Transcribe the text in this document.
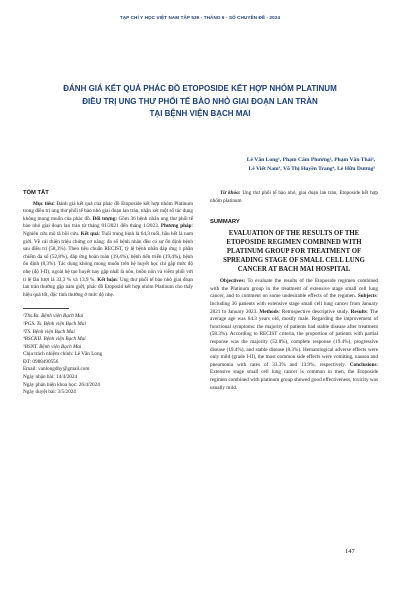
TẠP CHÍ Y HỌC VIỆT NAM TẬP 539 - THÁNG 6 - SỐ CHUYÊN ĐỀ - 2024
ĐÁNH GIÁ KẾT QUẢ PHÁC ĐỒ ETOPOSIDE KẾT HỢP NHÓM PLATINUM
ĐIỀU TRỊ UNG THƯ PHỔI TẾ BÀO NHỎ GIAI ĐOẠN LAN TRÀN
TẠI BỆNH VIỆN BẠCH MAI
Lê Văn Long¹, Phạm Cẩm Phương², Phạm Văn Thái³,
Lê Viết Nam⁴, Võ Thị Huyền Trang⁴, Lê Hữu Dương⁵
TÓM TẮT

Mục tiêu: Đánh giá kết quả của phác đồ Etoposide kết hợp nhóm Platinum trong điều trị ung thư phổi tế bào nhỏ giai đoạn lan tràn, nhận xét một số tác dụng không mong muốn của phác đồ. Đối tượng: Gồm 36 bệnh nhân ung thư phổi tế bào nhỏ giai đoạn lan tràn từ tháng 01/2021 đến tháng 1/2023. Phương pháp: Nghiên cứu mô tả hồi cứu. Kết quả: Tuổi trung bình là 64,3 tuổi, hầu hết là nam giới. Về cải thiện triệu chứng cơ năng: đa số bệnh nhân đều có sự ổn định bệnh sau điều trị (58,3%). Theo tiêu chuẩn RECIST, tỷ lệ bệnh nhân đáp ứng 1 phần chiếm đa số (52,8%), đáp ứng hoàn toàn (19,4%), bệnh tiến triển (19,4%), bệnh ổn định (8,3%). Tác dụng không mong muốn trên hệ huyết học chỉ gặp mức độ nhẹ (độ I-II), ngoài hệ tạo huyết hay gặp nhất là nôn, buồn nôn và viêm phổi với tỉ lệ lần lượt là 33,3 % và 13,9 %. Kết luận: Ung thư phổi tế bào nhỏ giai đoạn lan tràn thường gặp nam giới, phác đồ Etoposid kết hợp nhóm Platinum cho thấy hiệu quả tốt, độc tính thường ở mức độ nhẹ.

¹Ths.Bs. Bệnh viện Bạch Mai

²PGS. Ts. Bệnh viện Bạch Mai

³TS. Bệnh viện Bạch Mai

⁴BSCKII. Bệnh viện Bạch Mai

⁵BSNT. Bệnh viện Bạch Mai

Chịu trách nhiệm chính: Lê Văn Long

ĐT: 0988490556

Email: vanlongdhy@gmail.com

Ngày nhận bài: 14/4/2024

Ngày phản biện khoa học: 26/4/2024

Ngày duyệt bài: 3/5/2024

Từ khóa: Ung thư phổi tế bào nhỏ, giai đoạn lan tràn, Etoposide kết hợp nhóm platinum

SUMMARY
EVALUATION OF THE RESULTS OF THE ETOPOSIDE REGIMEN COMBINED WITH PLATINUM GROUP FOR TREATMENT OF SPREADING STAGE OF SMALL CELL LUNG CANCER AT BACH MAI HOSPITAL

Objectives: To evaluate the results of the Etoposide regimen combined with the Platinum group in the treatment of extensive stage small cell lung cancer, and to comment on some undesirable effects of the regimen. Subjects: Including 36 patients with extensive stage small cell lung cancer from January 2021 to January 2023. Methods: Retrospective descriptive study. Results: The average age was 64.3 years old, mostly male. Regarding the improvement of functional symptoms: the majority of patients had stable disease after treatment (58.3%). According to RECIST criteria, the proportion of patients with partial response was the majority (52.8%), complete response (19.4%), progressive disease (19.4%), and stable disease (8.3%). Hematological adverse effects were only mild (grade I-II), the most common side effects were vomiting, nausea and pneumonia with rates of 33.3% and 13.9%, respectively. Conclusions: Extensive stage small cell lung cancer is common in men, the Etoposide regimen combined with platinum group showed good effectiveness, toxicity was usually mild.

147
